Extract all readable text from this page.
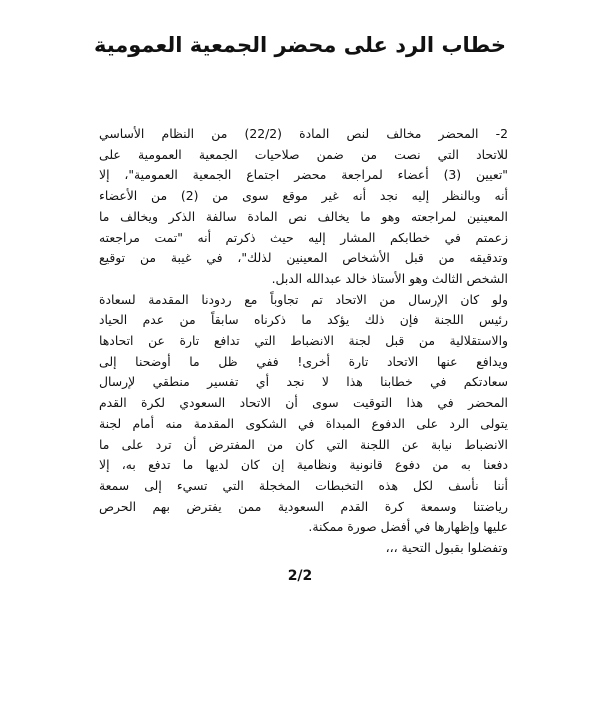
خطاب الرد على محضر الجمعية العمومية
2- المحضر مخالف لنص المادة (22/2) من النظام الأساسي
للاتحاد التي نصت من ضمن صلاحيات الجمعية العمومية على
"تعيين (3) أعضاء لمراجعة محضر اجتماع الجمعية العمومية"، إلا
أنه وبالنظر إليه نجد أنه غير موقع سوى من (2) من الأعضاء
المعينين لمراجعته وهو ما يخالف نص المادة سالفة الذكر ويخالف ما
زعمتم في خطابكم المشار إليه حيث ذكرتم أنه "تمت مراجعته
وتدقيقه من قبل الأشخاص المعينين لذلك"، في غيبة من توقيع
الشخص الثالث وهو الأستاذ خالد عبدالله الدبل.
ولو كان الإرسال من الاتحاد تم تجاوباً مع ردودنا المقدمة لسعادة
رئيس اللجنة فإن ذلك يؤكد ما ذكرناه سابقاً من عدم الحياد
والاستقلالية من قبل لجنة الانضباط التي تدافع تارة عن اتحادها
ويدافع عنها الاتحاد تارة أخرى! ففي ظل ما أوضحنا إلى
سعادتكم في خطابنا هذا لا نجد أي تفسير منطقي لإرسال
المحضر في هذا التوقيت سوى أن الاتحاد السعودي لكرة القدم
يتولى الرد على الدفوع المبداة في الشكوى المقدمة منه أمام لجنة
الانضباط نيابة عن اللجنة التي كان من المفترض أن ترد على ما
دفعنا به من دفوع قانونية ونظامية إن كان لديها ما تدفع به، إلا
أننا نأسف لكل هذه التخبطات المخجلة التي تسيء إلى سمعة
رياضتنا وسمعة كرة القدم السعودية ممن يفترض بهم الحرص
عليها وإظهارها في أفضل صورة ممكنة.
وتفضلوا بقبول التحية ،،،
2/2
